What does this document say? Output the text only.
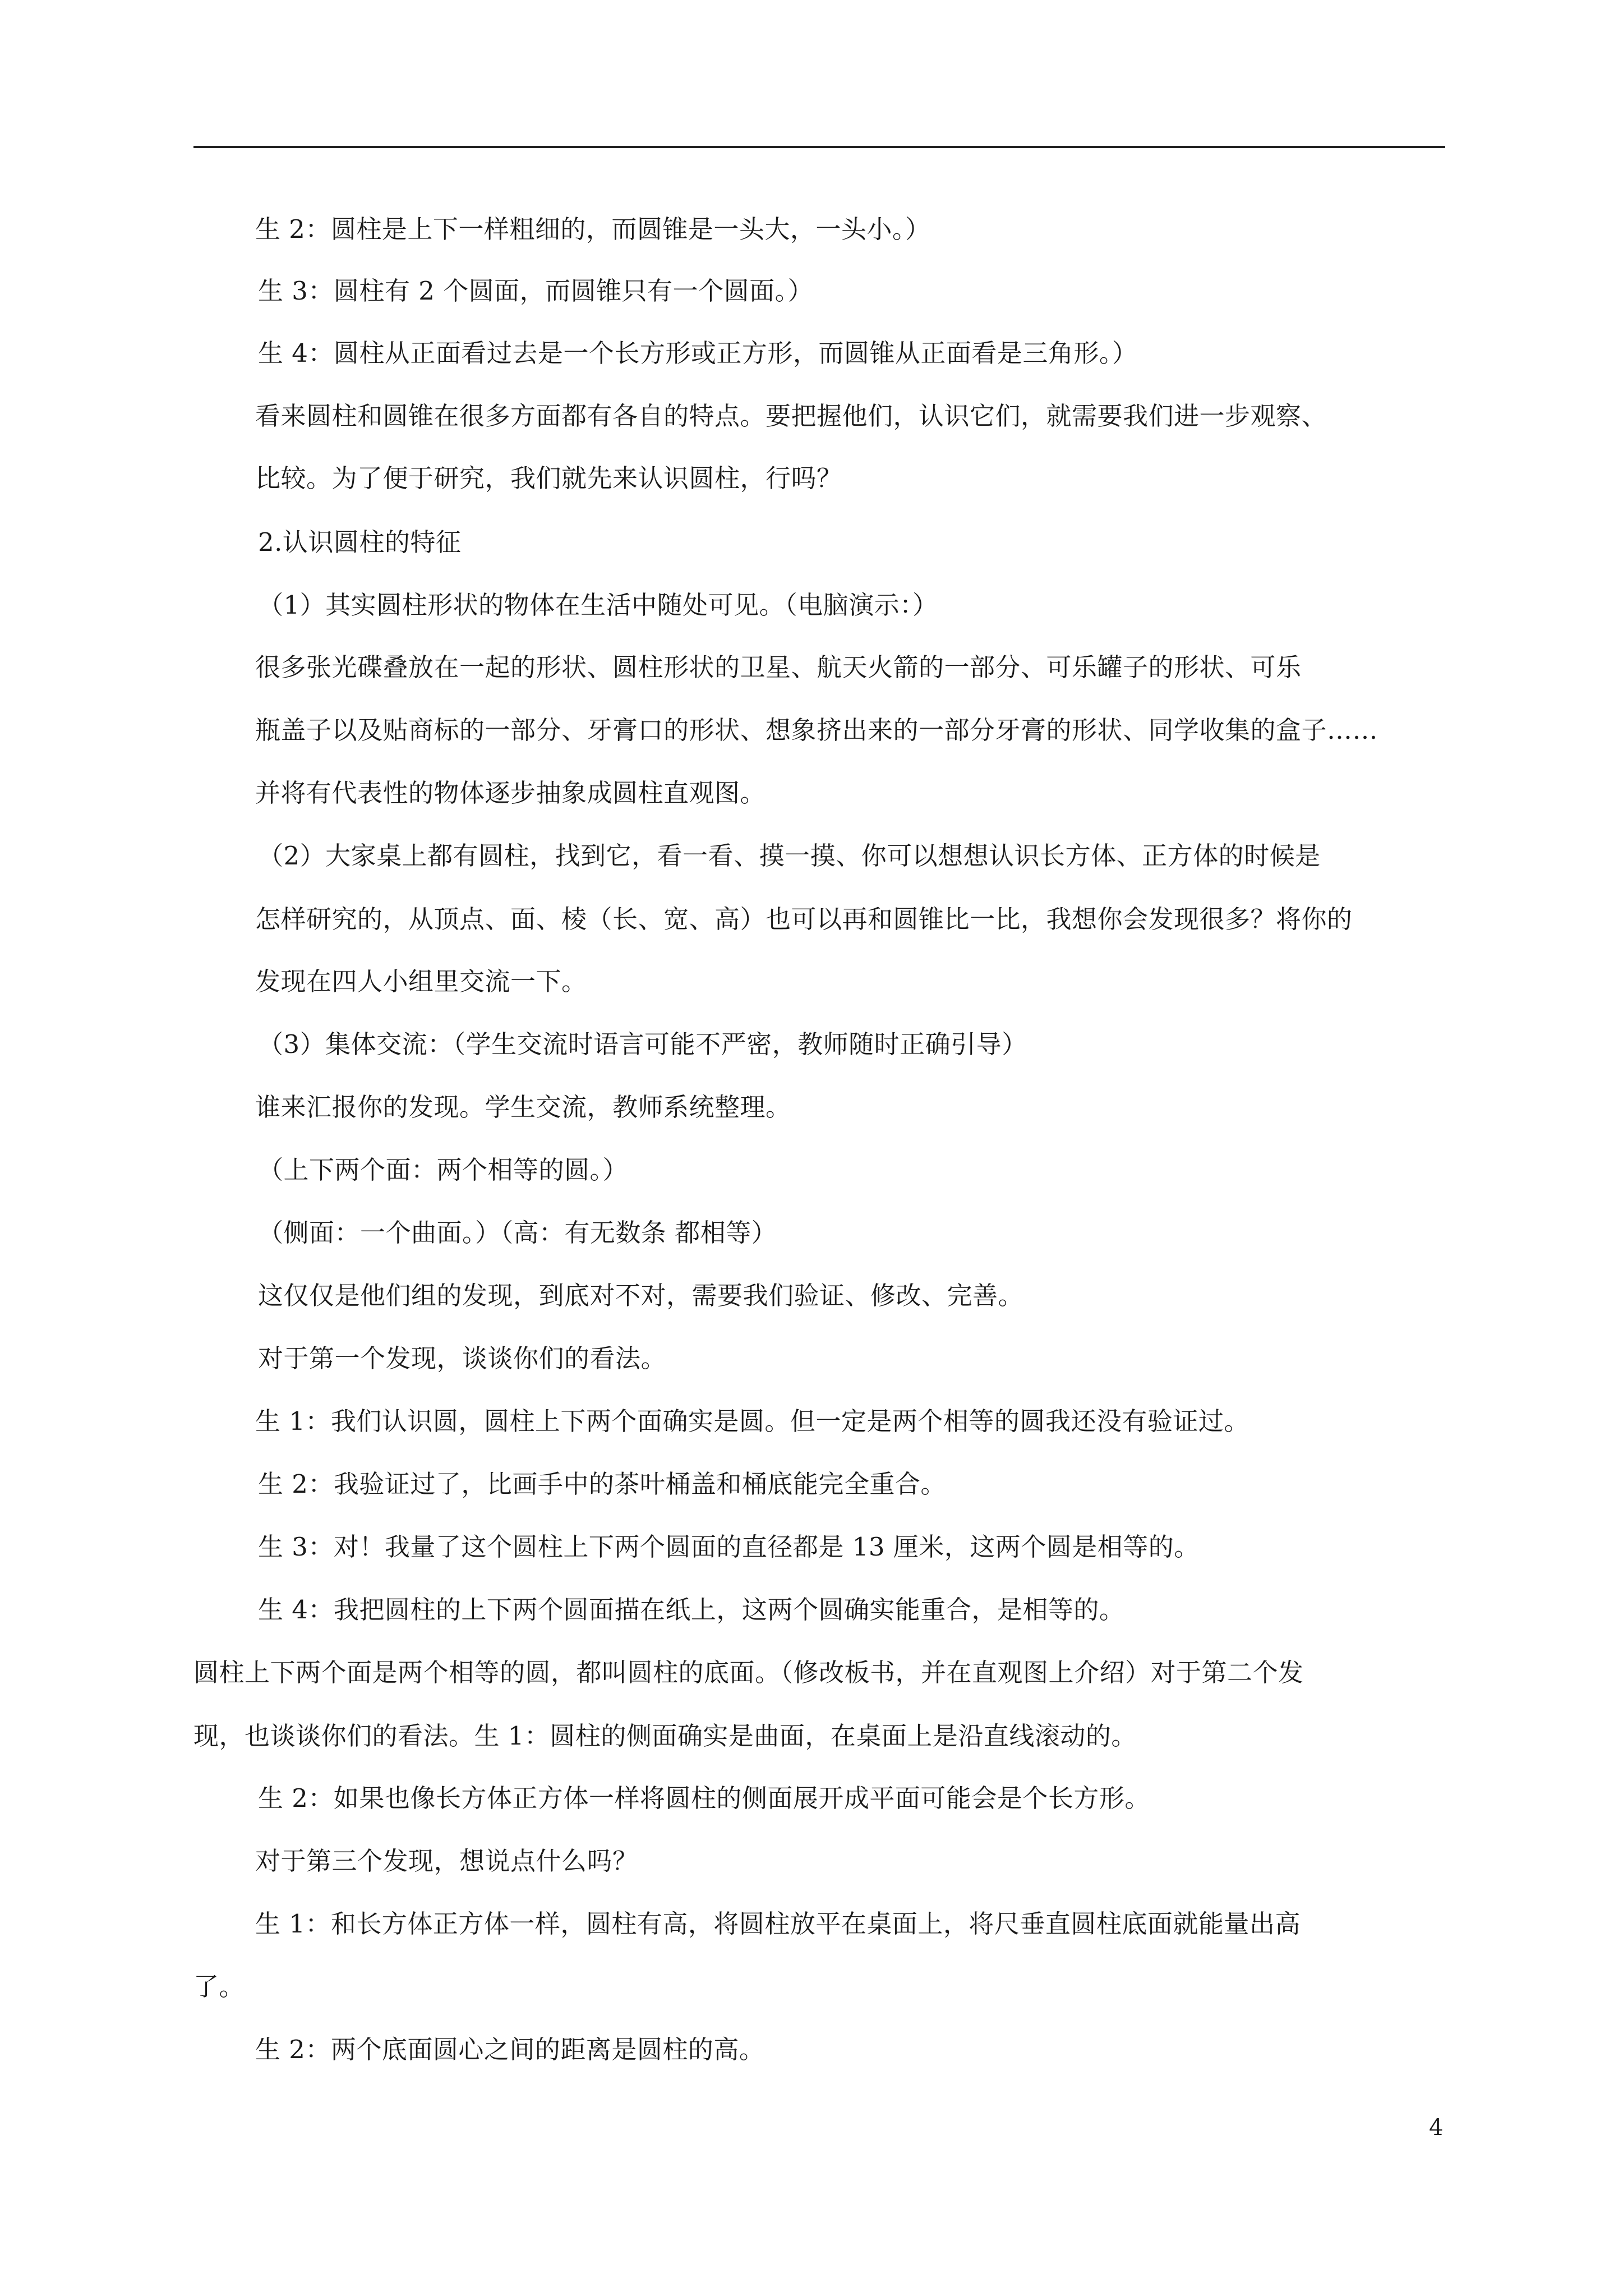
生 2：圆柱是上下一样粗细的，而圆锥是一头大，一头小。）
生 3：圆柱有 2 个圆面，而圆锥只有一个圆面。）
生 4：圆柱从正面看过去是一个长方形或正方形，而圆锥从正面看是三角形。）
看来圆柱和圆锥在很多方面都有各自的特点。要把握他们，认识它们，就需要我们进一步观察、
比较。为了便于研究，我们就先来认识圆柱，行吗？
2.认识圆柱的特征
（1）其实圆柱形状的物体在生活中随处可见。（电脑演示：）
很多张光碟叠放在一起的形状、圆柱形状的卫星、航天火箭的一部分、可乐罐子的形状、可乐
瓶盖子以及贴商标的一部分、牙膏口的形状、想象挤出来的一部分牙膏的形状、同学收集的盒子……
并将有代表性的物体逐步抽象成圆柱直观图。
（2）大家桌上都有圆柱，找到它，看一看、摸一摸、你可以想想认识长方体、正方体的时候是
怎样研究的，从顶点、面、棱（长、宽、高）也可以再和圆锥比一比，我想你会发现很多？将你的
发现在四人小组里交流一下。
（3）集体交流：（学生交流时语言可能不严密，教师随时正确引导）
谁来汇报你的发现。学生交流，教师系统整理。
（上下两个面：两个相等的圆。）
（侧面：一个曲面。）（高：有无数条 都相等）
这仅仅是他们组的发现，到底对不对，需要我们验证、修改、完善。
对于第一个发现，谈谈你们的看法。
生 1：我们认识圆，圆柱上下两个面确实是圆。但一定是两个相等的圆我还没有验证过。
生 2：我验证过了，比画手中的茶叶桶盖和桶底能完全重合。
生 3：对！我量了这个圆柱上下两个圆面的直径都是 13 厘米，这两个圆是相等的。
生 4：我把圆柱的上下两个圆面描在纸上，这两个圆确实能重合，是相等的。
圆柱上下两个面是两个相等的圆，都叫圆柱的底面。（修改板书，并在直观图上介绍）对于第二个发
现，也谈谈你们的看法。生 1：圆柱的侧面确实是曲面，在桌面上是沿直线滚动的。
生 2：如果也像长方体正方体一样将圆柱的侧面展开成平面可能会是个长方形。
对于第三个发现，想说点什么吗？
生 1：和长方体正方体一样，圆柱有高，将圆柱放平在桌面上，将尺垂直圆柱底面就能量出高
了。
生 2：两个底面圆心之间的距离是圆柱的高。
4
